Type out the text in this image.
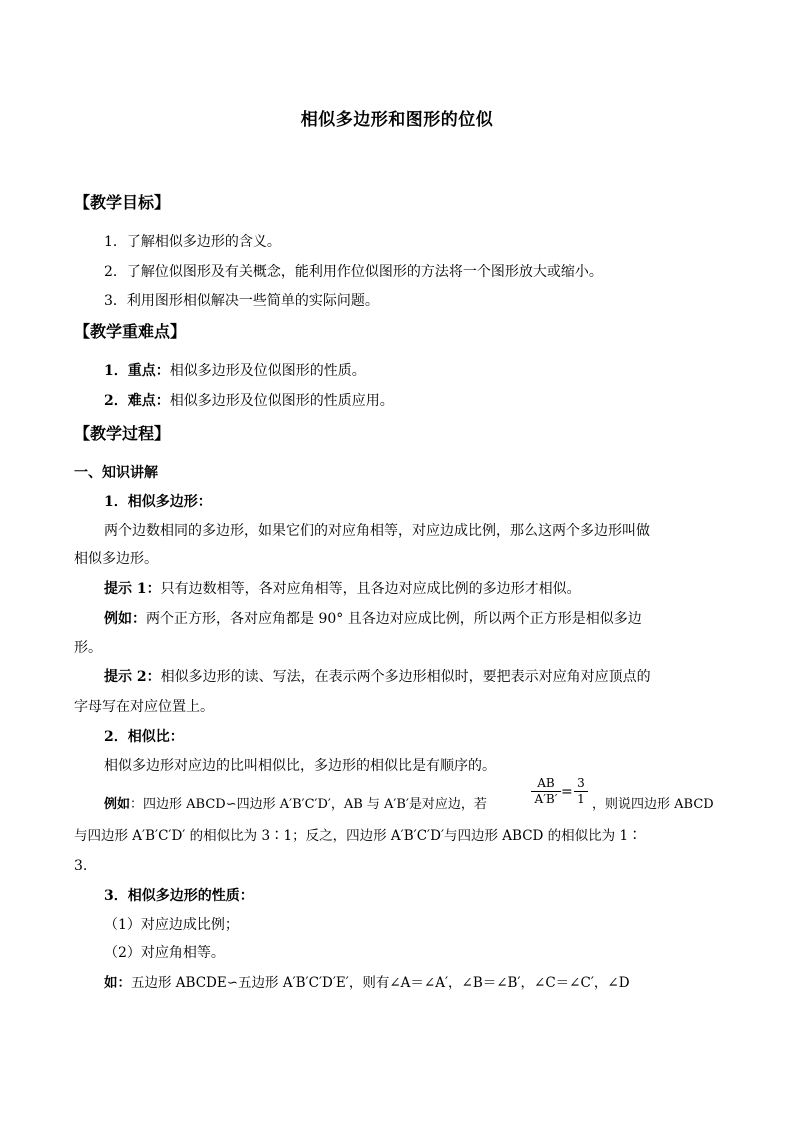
相似多边形和图形的位似
【教学目标】
1．了解相似多边形的含义。
2．了解位似图形及有关概念，能利用作位似图形的方法将一个图形放大或缩小。
3．利用图形相似解决一些简单的实际问题。
【教学重难点】
1．重点：相似多边形及位似图形的性质。
2．难点：相似多边形及位似图形的性质应用。
【教学过程】
一、知识讲解
1．相似多边形：
两个边数相同的多边形，如果它们的对应角相等，对应边成比例，那么这两个多边形叫做
相似多边形。
提示 1：只有边数相等，各对应角相等，且各边对应成比例的多边形才相似。
例如：两个正方形，各对应角都是 90° 且各边对应成比例，所以两个正方形是相似多边
形。
提示 2：相似多边形的读、写法，在表示两个多边形相似时，要把表示对应角对应顶点的
字母写在对应位置上。
2．相似比：
相似多边形对应边的比叫相似比，多边形的相似比是有顺序的。
例如：四边形 ABCD∽四边形 A′B′C′D′，AB 与 A′B′是对应边，若	$\frac{AB}{A'B'} = \frac{3}{1}$ ，则说四边形 ABCD
与四边形 A′B′C′D′ 的相似比为 3∶1；反之，四边形 A′B′C′D′与四边形 ABCD 的相似比为 1∶
3.
3．相似多边形的性质：
（1）对应边成比例；
（2）对应角相等。
如：五边形 ABCDE∽五边形 A′B′C′D′E′，则有∠A＝∠A′，∠B＝∠B′，∠C＝∠C′，∠D
